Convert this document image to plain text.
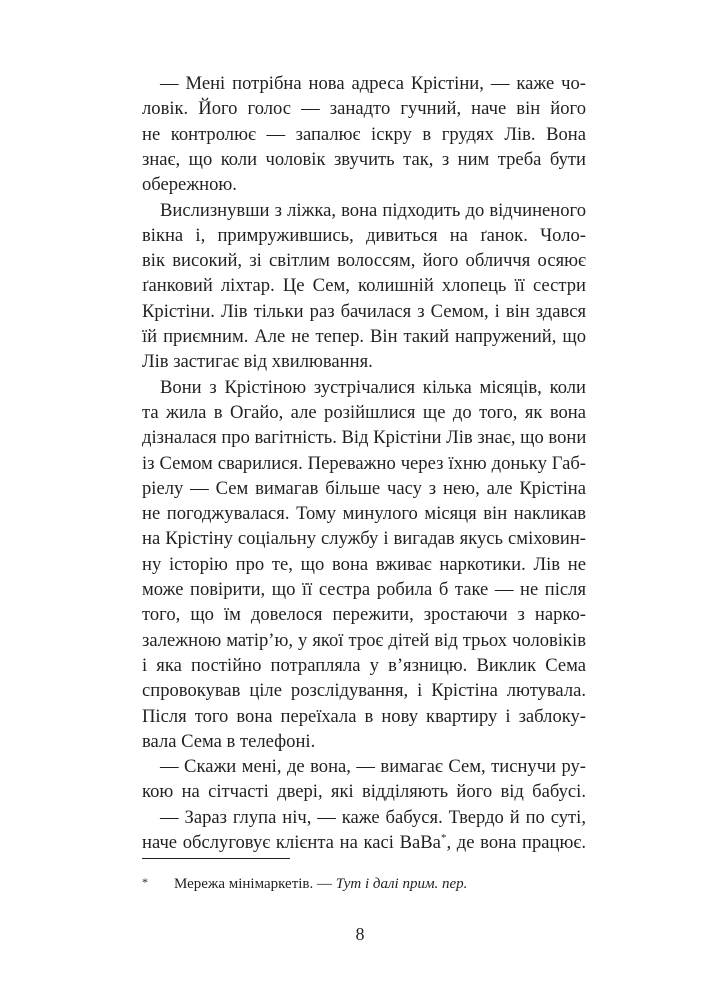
— Мені потрібна нова адреса Крістіни, — каже чо-
ловік. Його голос — занадто гучний, наче він його
не контролює — запалює іскру в грудях Лів. Вона
знає, що коли чоловік звучить так, з ним треба бути
обережною.
Вислизнувши з ліжка, вона підходить до відчиненого
вікна і, примружившись, дивиться на ґанок. Чоло-
вік високий, зі світлим волоссям, його обличчя осяює
ґанковий ліхтар. Це Сем, колишній хлопець її сестри
Крістіни. Лів тільки раз бачилася з Семом, і він здався
їй приємним. Але не тепер. Він такий напружений, що
Лів застигає від хвилювання.
Вони з Крістіною зустрічалися кілька місяців, коли
та жила в Огайо, але розійшлися ще до того, як вона
дізналася про вагітність. Від Крістіни Лів знає, що вони
із Семом сварилися. Переважно через їхню доньку Габ-
ріелу — Сем вимагав більше часу з нею, але Крістіна
не погоджувалася. Тому минулого місяця він накликав
на Крістіну соціальну службу і вигадав якусь сміховин-
ну історію про те, що вона вживає наркотики. Лів не
може повірити, що її сестра робила б таке — не після
того, що їм довелося пережити, зростаючи з нарко-
залежною матір’ю, у якої троє дітей від трьох чоловіків
і яка постійно потрапляла у в’язницю. Виклик Сема
спровокував ціле розслідування, і Крістіна лютувала.
Після того вона переїхала в нову квартиру і заблоку-
вала Сема в телефоні.
— Скажи мені, де вона, — вимагає Сем, тиснучи ру-
кою на сітчасті двері, які відділяють його від бабусі.
— Зараз глупа ніч, — каже бабуся. Твердо й по суті,
наче обслуговує клієнта на касі ВаВа*, де вона працює.

*

Мережа мінімаркетів. — Тут і далі прим. пер.

8
